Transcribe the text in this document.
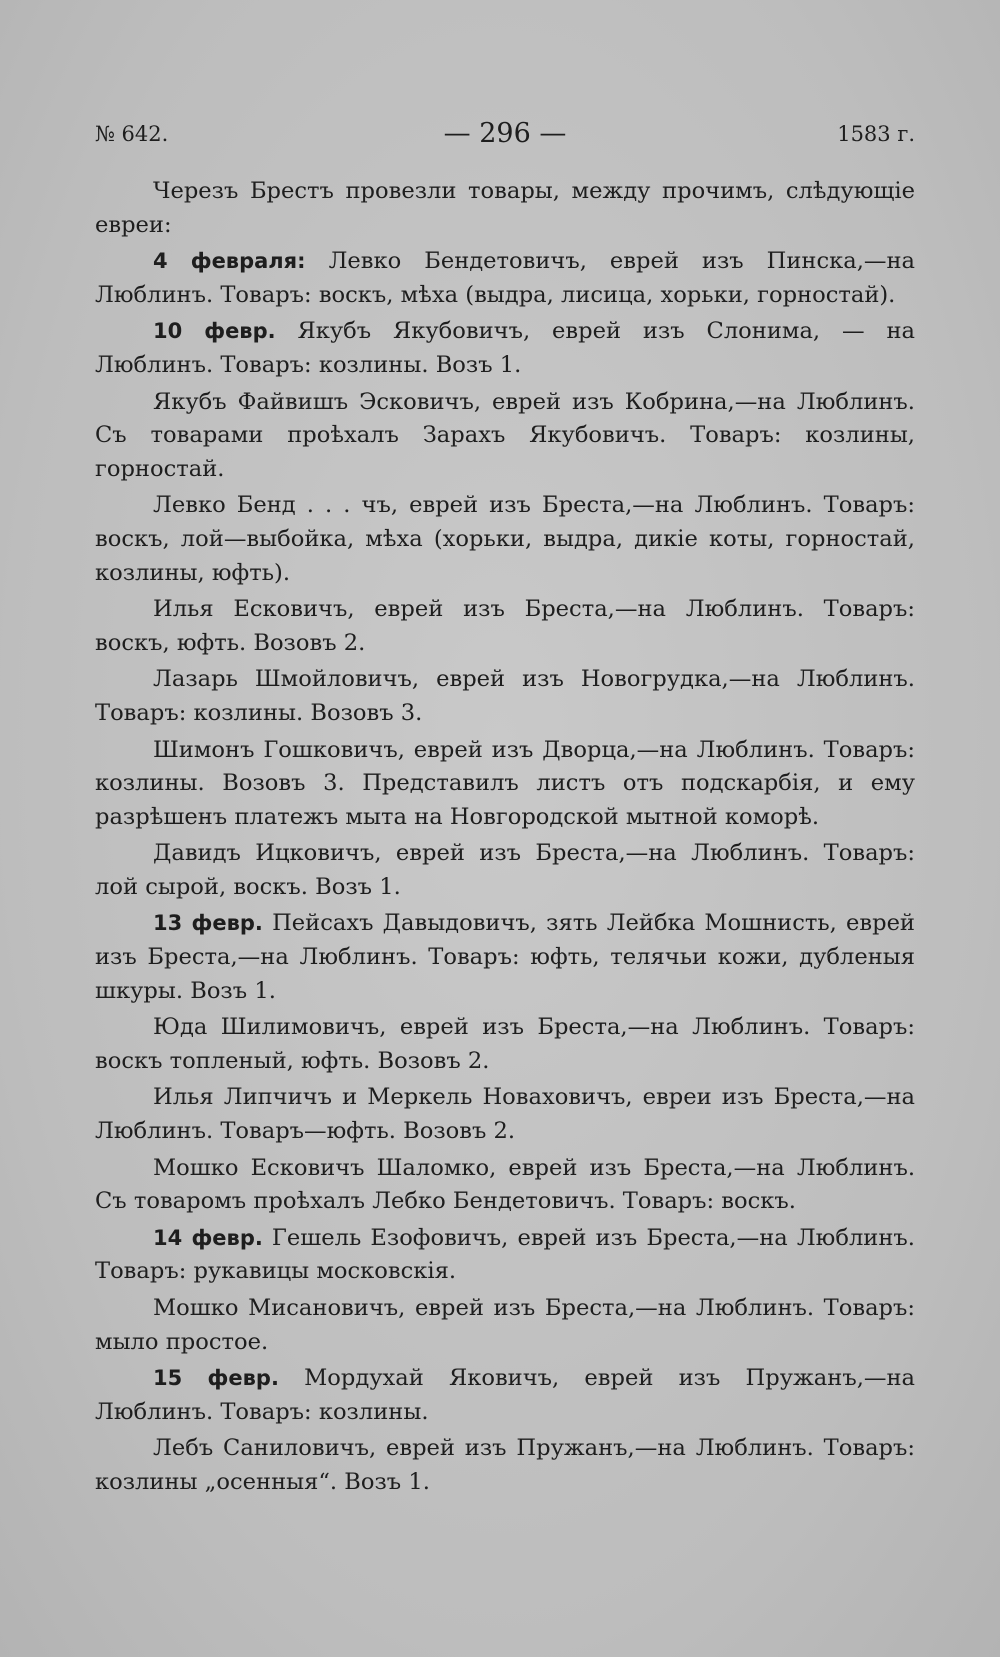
№ 642.	— 296 —	1583 г.

Черезъ Брестъ провезли товары, между прочимъ, слѣдующіе евреи:

4 февраля: Левко Бендетовичъ, еврей изъ Пинска,—на Люблинъ. Товаръ: воскъ, мѣха (выдра, лисица, хорьки, горностай).

10 февр. Якубъ Якубовичъ, еврей изъ Слонима, — на Люблинъ. Товаръ: козлины. Возъ 1.

Якубъ Файвишъ Эсковичъ, еврей изъ Кобрина,—на Люблинъ. Съ товарами проѣхалъ Зарахъ Якубовичъ. Товаръ: козлины, горностай.

Левко Бенд . . . чъ, еврей изъ Бреста,—на Люблинъ. Товаръ: воскъ, лой—выбойка, мѣха (хорьки, выдра, дикіе коты, горностай, козлины, юфть).

Илья Есковичъ, еврей изъ Бреста,—на Люблинъ. Товаръ: воскъ, юфть. Возовъ 2.

Лазарь Шмойловичъ, еврей изъ Новогрудка,—на Люблинъ. Товаръ: козлины. Возовъ 3.

Шимонъ Гошковичъ, еврей изъ Дворца,—на Люблинъ. Товаръ: козлины. Возовъ 3. Представилъ листъ отъ подскарбія, и ему разрѣшенъ платежъ мыта на Новгородской мытной коморѣ.

Давидъ Ицковичъ, еврей изъ Бреста,—на Люблинъ. Товаръ: лой сырой, воскъ. Возъ 1.

13 февр. Пейсахъ Давыдовичъ, зять Лейбка Мошнисть, еврей изъ Бреста,—на Люблинъ. Товаръ: юфть, телячьи кожи, дубленыя шкуры. Возъ 1.

Юда Шилимовичъ, еврей изъ Бреста,—на Люблинъ. Товаръ: воскъ топленый, юфть. Возовъ 2.

Илья Липчичъ и Меркель Новаховичъ, евреи изъ Бреста,—на Люблинъ. Товаръ—юфть. Возовъ 2.

Мошко Есковичъ Шаломко, еврей изъ Бреста,—на Люблинъ. Съ товаромъ проѣхалъ Лебко Бендетовичъ. Товаръ: воскъ.

14 февр. Гешель Езофовичъ, еврей изъ Бреста,—на Люблинъ. Товаръ: рукавицы московскія.

Мошко Мисановичъ, еврей изъ Бреста,—на Люблинъ. Товаръ: мыло простое.

15 февр. Мордухай Яковичъ, еврей изъ Пружанъ,—на Люблинъ. Товаръ: козлины.

Лебъ Саниловичъ, еврей изъ Пружанъ,—на Люблинъ. Товаръ: козлины „осенныя“. Возъ 1.
